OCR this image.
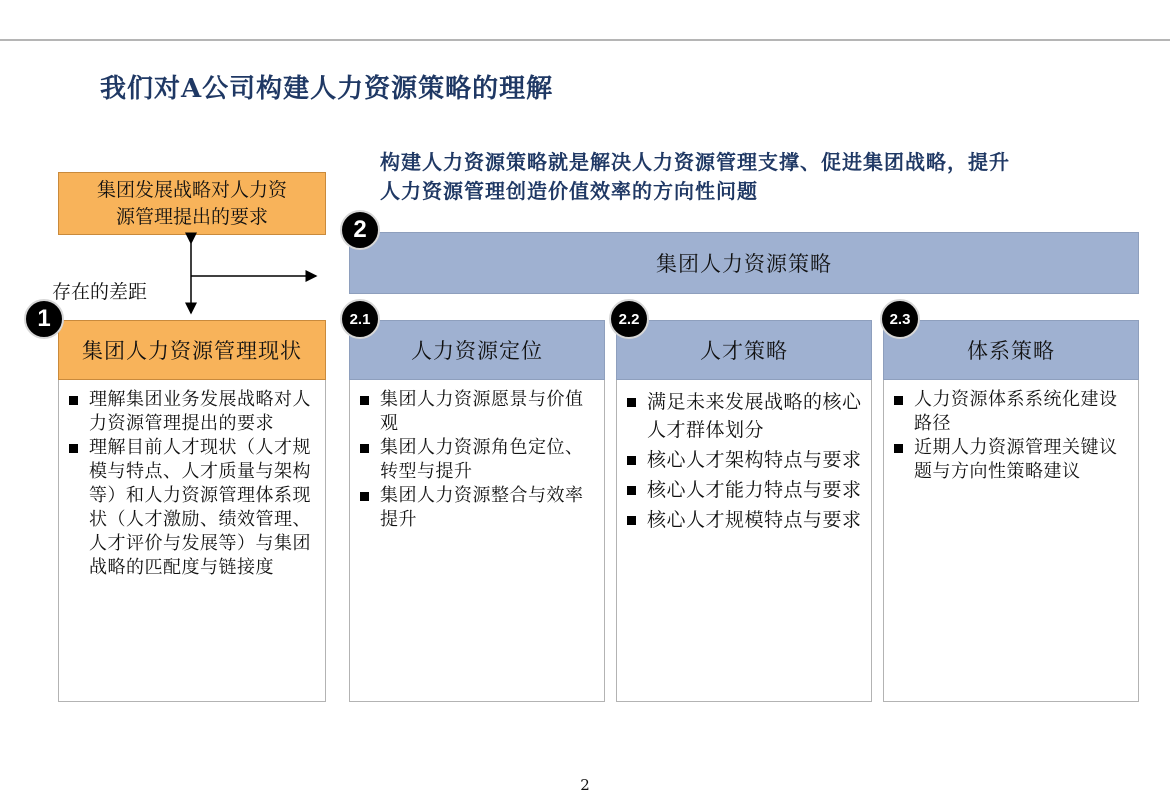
我们对A公司构建人力资源策略的理解
构建人力资源策略就是解决人力资源管理支撑、促进集团战略，提升
人力资源管理创造价值效率的方向性问题
集团发展战略对人力资
源管理提出的要求
存在的差距
集团人力资源策略
2
集团人力资源管理现状
1
理解集团业务发展战略对人力资源管理提出的要求
理解目前人才现状（人才规模与特点、人才质量与架构等）和人力资源管理体系现状（人才激励、绩效管理、人才评价与发展等）与集团战略的匹配度与链接度
人力资源定位
2.1
集团人力资源愿景与价值观
集团人力资源角色定位、转型与提升
集团人力资源整合与效率提升
人才策略
2.2
满足未来发展战略的核心人才群体划分
核心人才架构特点与要求
核心人才能力特点与要求
核心人才规模特点与要求
体系策略
2.3
人力资源体系系统化建设路径
近期人力资源管理关键议题与方向性策略建议
2
